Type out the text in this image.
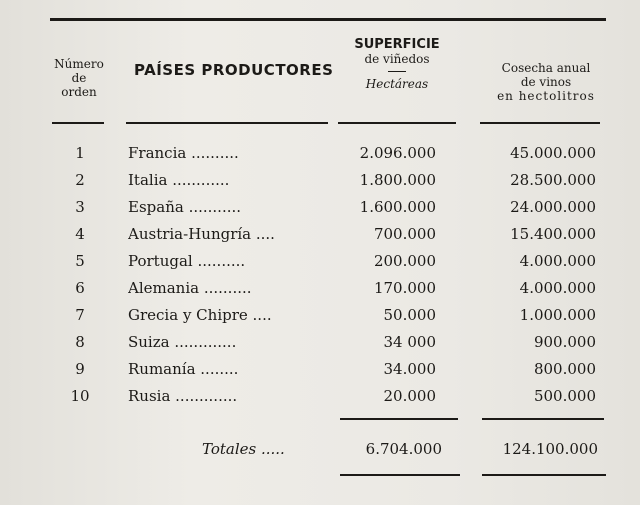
Número
de
orden
PAÍSES PRODUCTORES
SUPERFICIE
de viñedos
Hectáreas
Cosecha anual
de vinos
en hectolitros
1	Francia ..........	2.096.000	45.000.000
2	Italia ............	1.800.000	28.500.000
3	España ...........	1.600.000	24.000.000
4	Austria-Hungría ....	700.000	15.400.000
5	Portugal ..........	200.000	4.000.000
6	Alemania ..........	170.000	4.000.000
7	Grecia y Chipre ....	50.000	1.000.000
8	Suiza .............	34 000	900.000
9	Rumanía ........	34.000	800.000
10	Rusia .............	20.000	500.000
Totales .....	6.704.000	124.100.000
